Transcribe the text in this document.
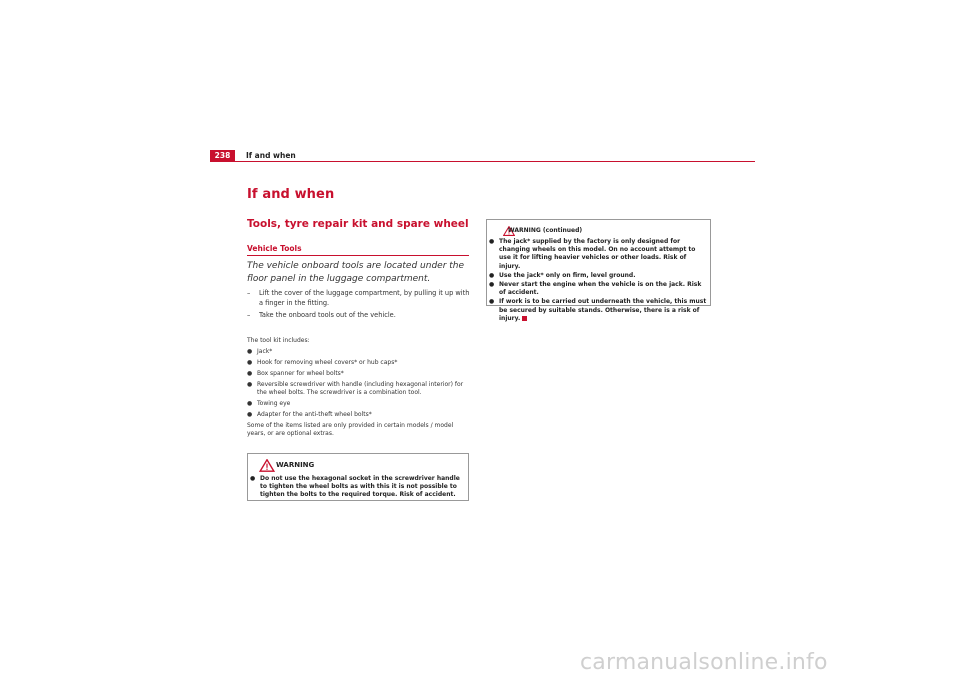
238	If and when
If and when
Tools, tyre repair kit and spare wheel
Vehicle Tools
The vehicle onboard tools are located under the floor panel in the luggage compartment.
– Lift the cover of the luggage compartment, by pulling it up with a finger in the fitting.
– Take the onboard tools out of the vehicle.
The tool kit includes:
● Jack*
● Hook for removing wheel covers* or hub caps*
● Box spanner for wheel bolts*
● Reversible screwdriver with handle (including hexagonal interior) for the wheel bolts. The screwdriver is a combination tool.
● Towing eye
● Adapter for the anti-theft wheel bolts*
Some of the items listed are only provided in certain models / model years, or are optional extras.
WARNING
● Do not use the hexagonal socket in the screwdriver handle to tighten the wheel bolts as with this it is not possible to tighten the bolts to the required torque. Risk of accident.
WARNING (continued)
● The jack* supplied by the factory is only designed for changing wheels on this model. On no account attempt to use it for lifting heavier vehicles or other loads. Risk of injury.
● Use the jack* only on firm, level ground.
● Never start the engine when the vehicle is on the jack. Risk of accident.
● If work is to be carried out underneath the vehicle, this must be secured by suitable stands. Otherwise, there is a risk of injury.
carmanualsonline.info
